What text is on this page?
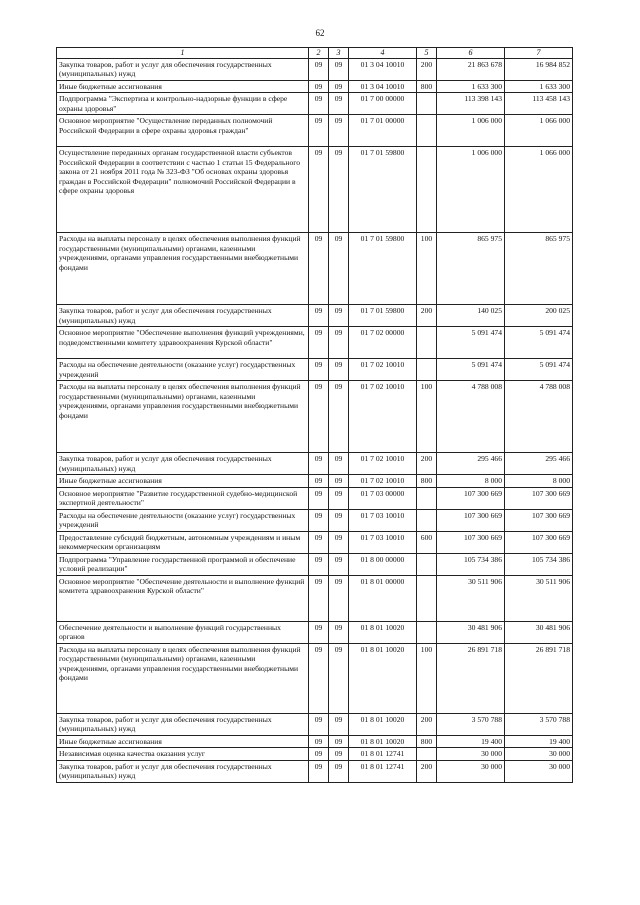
62
1	2	3	4	5	6	7
Закупка товаров, работ и услуг для обеспечения государственных (муниципальных) нужд	09	09	01 3 04 10010	200	21 863 678	16 984 852
Иные бюджетные ассигнования	09	09	01 3 04 10010	800	1 633 300	1 633 300
Подпрограмма "Экспертиза и контрольно-надзорные функции в сфере охраны здоровья"	09	09	01 7 00 00000		113 398 143	113 458 143
Основное мероприятие "Осуществление переданных полномочий Российской Федерации в сфере охраны здоровья граждан"	09	09	01 7 01 00000		1 006 000	1 066 000
Осуществление переданных органам государственной власти субъектов Российской Федерации в соответствии с частью 1 статьи 15 Федерального закона от 21 ноября 2011 года № 323-ФЗ "Об основах охраны здоровья граждан в Российской Федерации" полномочий Российской Федерации в сфере охраны здоровья	09	09	01 7 01 59800		1 006 000	1 066 000
Расходы на выплаты персоналу в целях обеспечения выполнения функций государственными (муниципальными) органами, казенными учреждениями, органами управления государственными внебюджетными фондами	09	09	01 7 01 59800	100	865 975	865 975
Закупка товаров, работ и услуг для обеспечения государственных (муниципальных) нужд	09	09	01 7 01 59800	200	140 025	200 025
Основное мероприятие "Обеспечение выполнения функций учреждениями, подведомственными комитету здравоохранения Курской области"	09	09	01 7 02 00000		5 091 474	5 091 474
Расходы на обеспечение деятельности (оказание услуг) государственных учреждений	09	09	01 7 02 10010		5 091 474	5 091 474
Расходы на выплаты персоналу в целях обеспечения выполнения функций государственными (муниципальными) органами, казенными учреждениями, органами управления государственными внебюджетными фондами	09	09	01 7 02 10010	100	4 788 008	4 788 008
Закупка товаров, работ и услуг для обеспечения государственных (муниципальных) нужд	09	09	01 7 02 10010	200	295 466	295 466
Иные бюджетные ассигнования	09	09	01 7 02 10010	800	8 000	8 000
Основное мероприятие "Развитие государственной судебно-медицинской экспертной деятельности"	09	09	01 7 03 00000		107 300 669	107 300 669
Расходы на обеспечение деятельности (оказание услуг) государственных учреждений	09	09	01 7 03 10010		107 300 669	107 300 669
Предоставление субсидий бюджетным, автономным учреждениям и иным некоммерческим организациям	09	09	01 7 03 10010	600	107 300 669	107 300 669
Подпрограмма "Управление государственной программой и обеспечение условий реализации"	09	09	01 8 00 00000		105 734 386	105 734 386
Основное мероприятие "Обеспечение деятельности и выполнение функций комитета здравоохранения Курской области"	09	09	01 8 01 00000		30 511 906	30 511 906
Обеспечение деятельности и выполнение функций государственных органов	09	09	01 8 01 10020		30 481 906	30 481 906
Расходы на выплаты персоналу в целях обеспечения выполнения функций государственными (муниципальными) органами, казенными учреждениями, органами управления государственными внебюджетными фондами	09	09	01 8 01 10020	100	26 891 718	26 891 718
Закупка товаров, работ и услуг для обеспечения государственных (муниципальных) нужд	09	09	01 8 01 10020	200	3 570 788	3 570 788
Иные бюджетные ассигнования	09	09	01 8 01 10020	800	19 400	19 400
Независимая оценка качества оказания услуг	09	09	01 8 01 12741		30 000	30 000
Закупка товаров, работ и услуг для обеспечения государственных (муниципальных) нужд	09	09	01 8 01 12741	200	30 000	30 000
